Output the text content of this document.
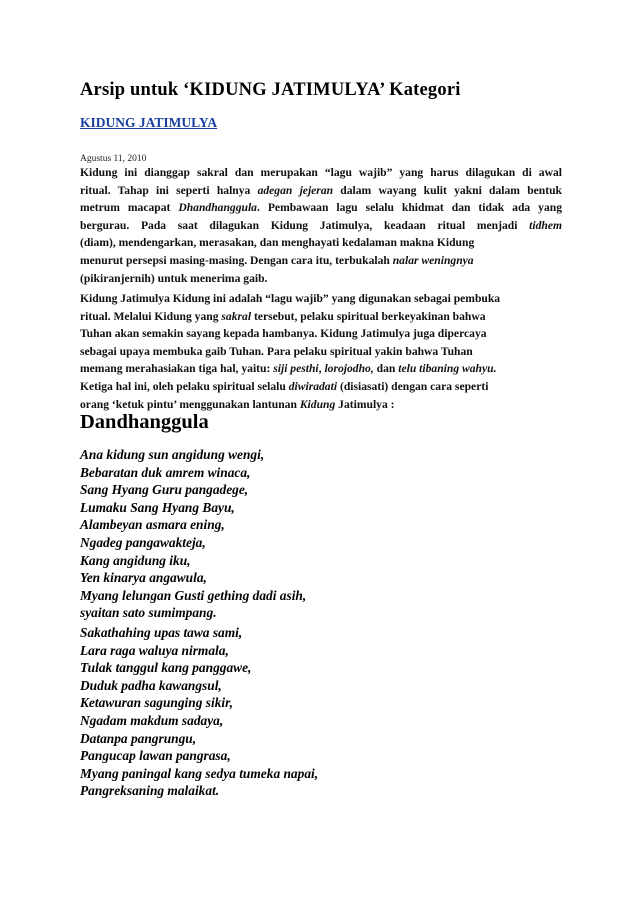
Arsip untuk ‘KIDUNG JATIMULYA’ Kategori
KIDUNG JATIMULYA
Agustus 11, 2010
Kidung ini dianggap sakral dan merupakan “lagu wajib” yang harus dilagukan di awal
ritual. Tahap ini seperti halnya adegan jejeran dalam wayang kulit yakni dalam bentuk
metrum macapat Dhandhanggula. Pembawaan lagu selalu khidmat dan tidak ada yang
bergurau. Pada saat dilagukan Kidung Jatimulya, keadaan ritual menjadi tidhem
(diam), mendengarkan, merasakan, dan menghayati kedalaman makna Kidung
menurut persepsi masing-masing. Dengan cara itu, terbukalah nalar weningnya
(pikiranjernih) untuk menerima gaib.
Kidung Jatimulya Kidung ini adalah “lagu wajib” yang digunakan sebagai pembuka
ritual. Melalui Kidung yang sakral tersebut, pelaku spiritual berkeyakinan bahwa
Tuhan akan semakin sayang kepada hambanya. Kidung Jatimulya juga dipercaya
sebagai upaya membuka gaib Tuhan. Para pelaku spiritual yakin bahwa Tuhan
memang merahasiakan tiga hal, yaitu: siji pesthi, lorojodho, dan telu tibaning wahyu.
Ketiga hal ini, oleh pelaku spiritual selalu diwiradati (disiasati) dengan cara seperti
orang ‘ketuk pintu’ menggunakan lantunan Kidung Jatimulya :
Dandhanggula
Ana kidung sun angidung wengi,
Bebaratan duk amrem winaca,
Sang Hyang Guru pangadege,
Lumaku Sang Hyang Bayu,
Alambeyan asmara ening,
Ngadeg pangawakteja,
Kang angidung iku,
Yen kinarya angawula,
Myang lelungan Gusti gething dadi asih,
syaitan sato sumimpang.
Sakathahing upas tawa sami,
Lara raga waluya nirmala,
Tulak tanggul kang panggawe,
Duduk padha kawangsul,
Ketawuran sagunging sikir,
Ngadam makdum sadaya,
Datanpa pangrungu,
Pangucap lawan pangrasa,
Myang paningal kang sedya tumeka napai,
Pangreksaning malaikat.
